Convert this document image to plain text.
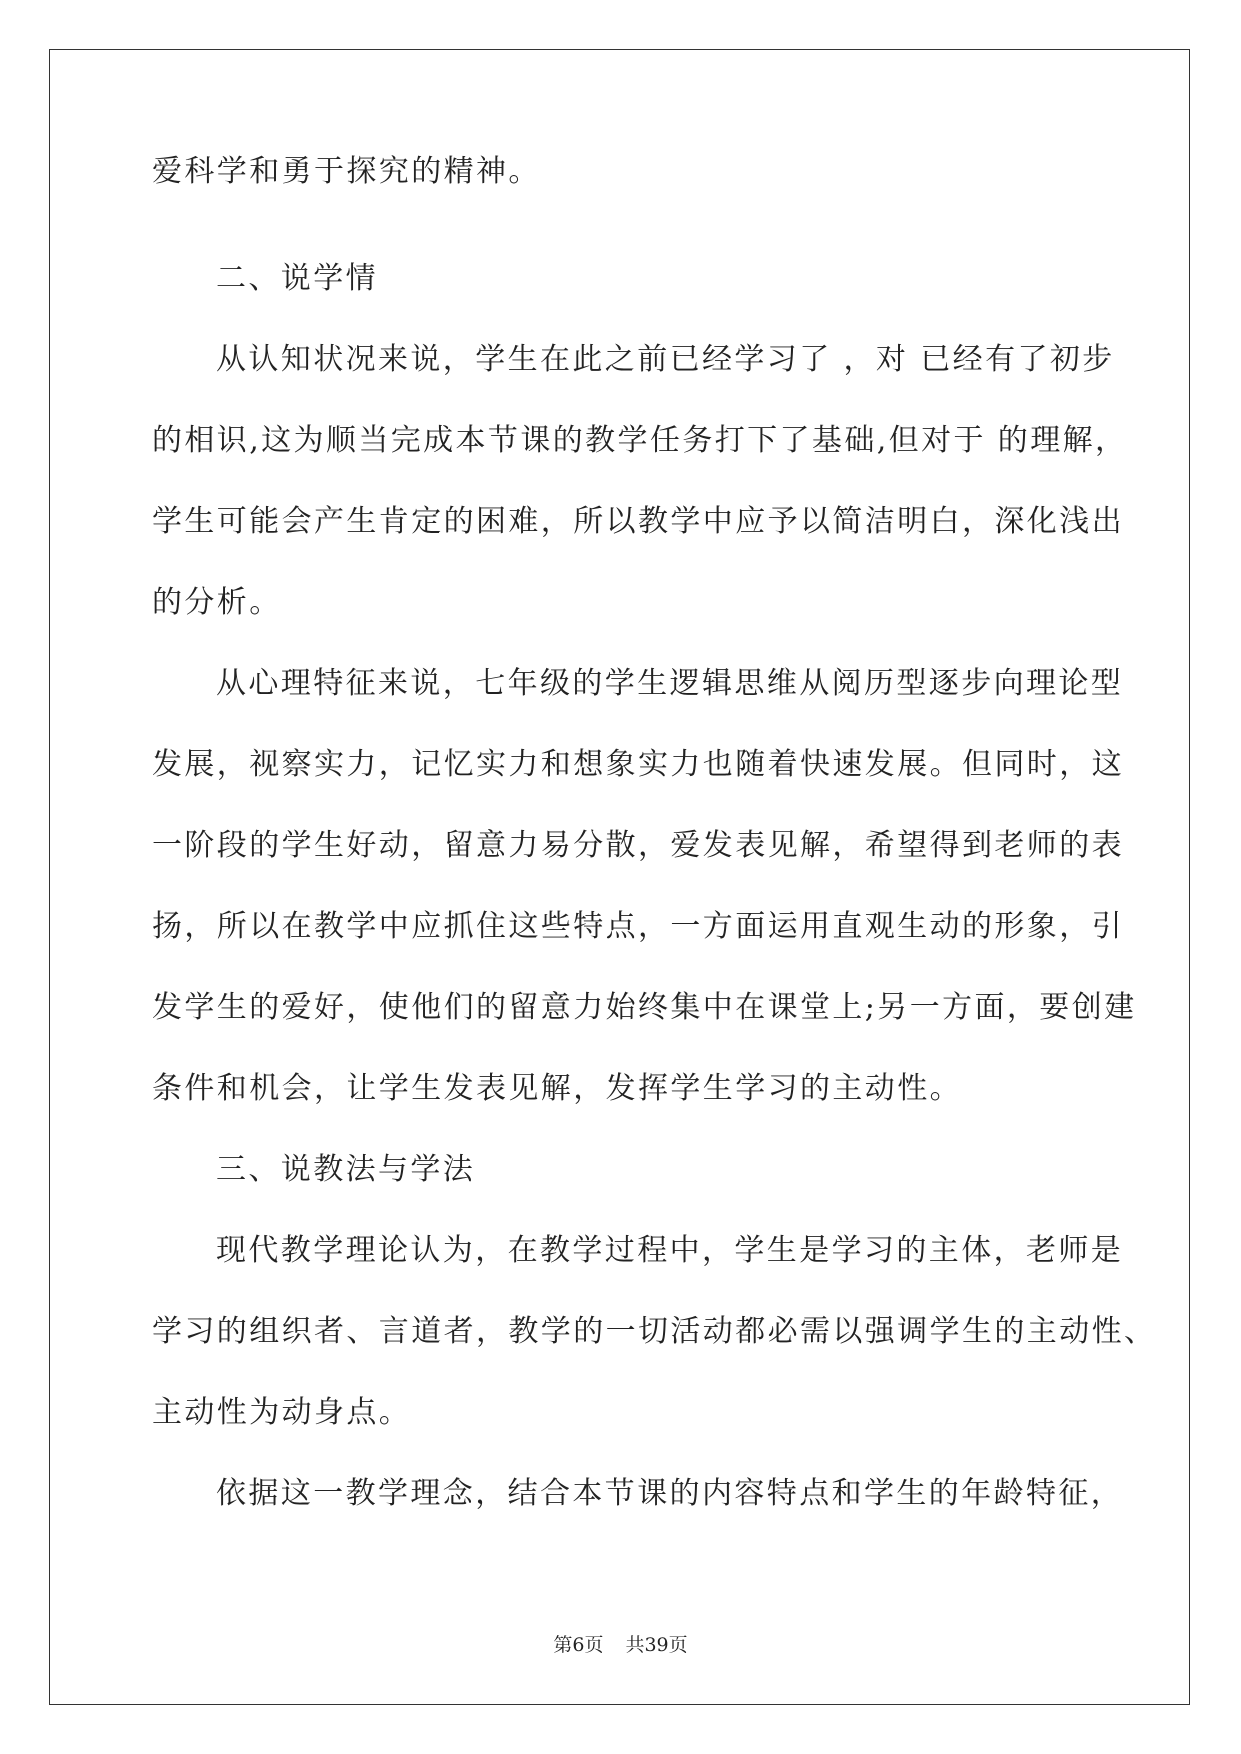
爱科学和勇于探究的精神。
二、说学情
从认知状况来说，学生在此之前已经学习了 ，对 已经有了初步
的相识,这为顺当完成本节课的教学任务打下了基础,但对于 的理解，
学生可能会产生肯定的困难，所以教学中应予以简洁明白，深化浅出
的分析。
从心理特征来说，七年级的学生逻辑思维从阅历型逐步向理论型
发展，视察实力，记忆实力和想象实力也随着快速发展。但同时，这
一阶段的学生好动，留意力易分散，爱发表见解，希望得到老师的表
扬，所以在教学中应抓住这些特点，一方面运用直观生动的形象，引
发学生的爱好，使他们的留意力始终集中在课堂上;另一方面，要创建
条件和机会，让学生发表见解，发挥学生学习的主动性。
三、说教法与学法
现代教学理论认为，在教学过程中，学生是学习的主体，老师是
学习的组织者、言道者，教学的一切活动都必需以强调学生的主动性、
主动性为动身点。
依据这一教学理念，结合本节课的内容特点和学生的年龄特征，
第6页 共39页
